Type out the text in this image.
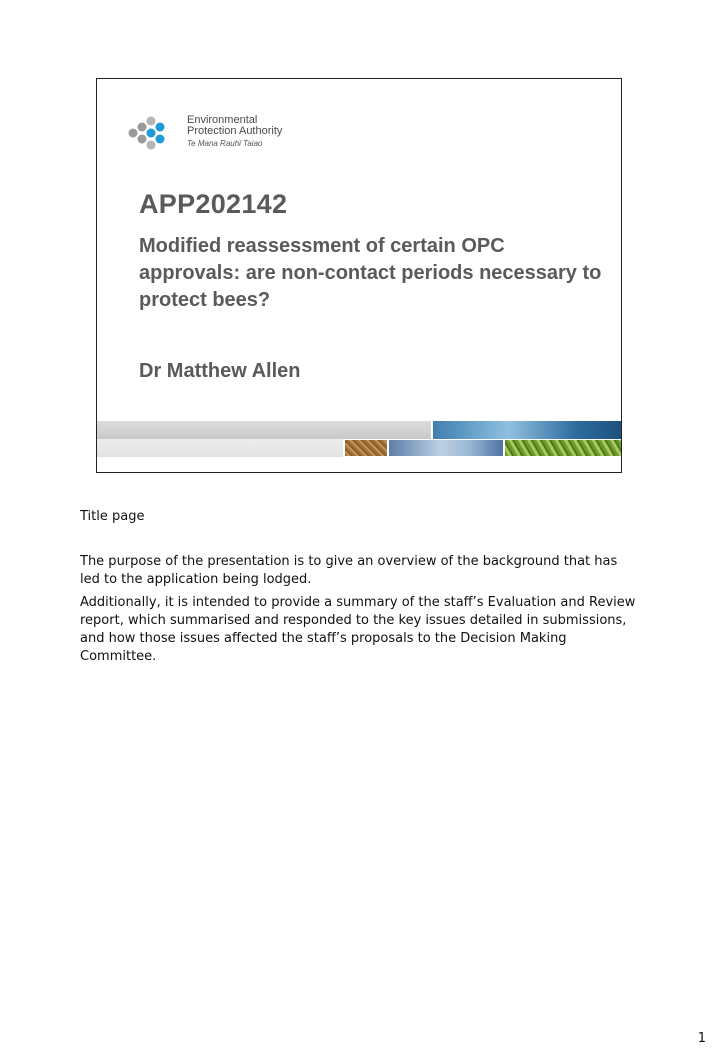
Environmental
Protection Authority
Te Mana Rauhī Taiao
APP202142
Modified reassessment of certain OPC approvals: are non-contact periods necessary to protect bees?
Dr Matthew Allen

Title page

The purpose of the presentation is to give an overview of the background that has led to the application being lodged.

Additionally, it is intended to provide a summary of the staff’s Evaluation and Review report, which summarised and responded to the key issues detailed in submissions, and how those issues affected the staff’s proposals to the Decision Making Committee.

1
